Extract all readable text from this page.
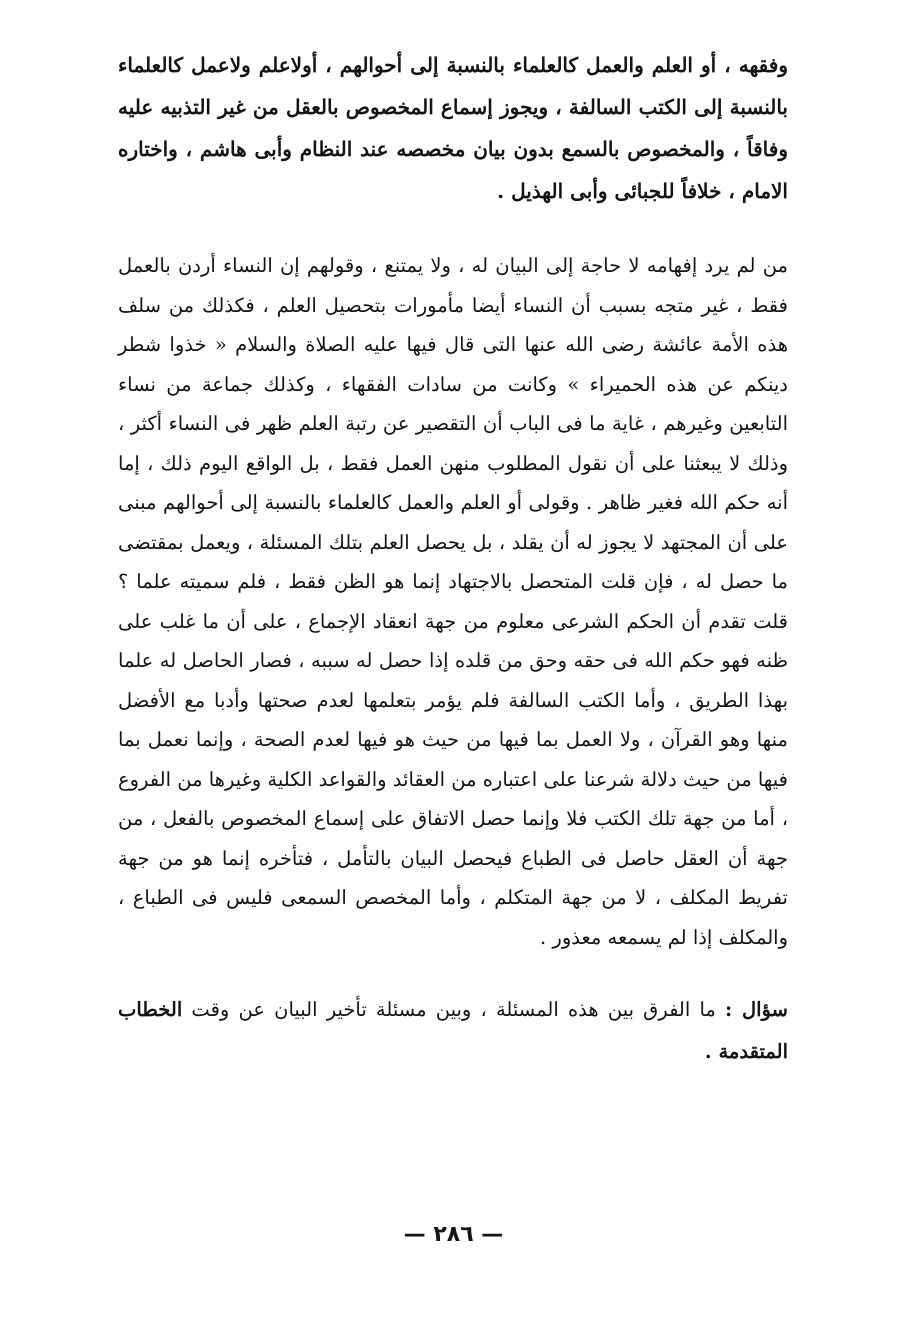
وفقهه ، أو العلم والعمل كالعلماء بالنسبة إلى أحوالهم ، أولاعلم ولاعمل كالعلماء بالنسبة إلى الكتب السالفة ، ويجوز إسماع المخصوص بالعقل من غير التذبيه عليه وفاقاً ، والمخصوص بالسمع بدون بيان مخصصه عند النظام وأبى هاشم ، واختاره الامام ، خلافاً للجبائى وأبى الهذيل .

من لم يرد إفهامه لا حاجة إلى البيان له ، ولا يمتنع ، وقولهم إن النساء أردن بالعمل فقط ، غير متجه بسبب أن النساء أيضا مأمورات بتحصيل العلم ، فكذلك من سلف هذه الأمة عائشة رضى الله عنها التى قال فيها عليه الصلاة والسلام « خذوا شطر دينكم عن هذه الحميراء » وكانت من سادات الفقهاء ، وكذلك جماعة من نساء التابعين وغيرهم ، غاية ما فى الباب أن التقصير عن رتبة العلم ظهر فى النساء أكثر ، وذلك لا يبعثنا على أن نقول المطلوب منهن العمل فقط ، بل الواقع اليوم ذلك ، إما أنه حكم الله فغير ظاهر . وقولى أو العلم والعمل كالعلماء بالنسبة إلى أحوالهم مبنى على أن المجتهد لا يجوز له أن يقلد ، بل يحصل العلم بتلك المسئلة ، ويعمل بمقتضى ما حصل له ، فإن قلت المتحصل بالاجتهاد إنما هو الظن فقط ، فلم سميته علما ؟ قلت تقدم أن الحكم الشرعى معلوم من جهة انعقاد الإجماع ، على أن ما غلب على ظنه فهو حكم الله فى حقه وحق من قلده إذا حصل له سببه ، فصار الحاصل له علما بهذا الطريق ، وأما الكتب السالفة فلم يؤمر بتعلمها لعدم صحتها وأدبا مع الأفضل منها وهو القرآن ، ولا العمل بما فيها من حيث هو فيها لعدم الصحة ، وإنما نعمل بما فيها من حيث دلالة شرعنا على اعتباره من العقائد والقواعد الكلية وغيرها من الفروع ، أما من جهة تلك الكتب فلا وإنما حصل الاتفاق على إسماع المخصوص بالفعل ، من جهة أن العقل حاصل فى الطباع فيحصل البيان بالتأمل ، فتأخره إنما هو من جهة تفريط المكلف ، لا من جهة المتكلم ، وأما المخصص السمعى فليس فى الطباع ، والمكلف إذا لم يسمعه معذور .

سؤال : ما الفرق بين هذه المسئلة ، وبين مسئلة تأخير البيان عن وقت الخطاب المتقدمة .

— ٢٨٦ —
